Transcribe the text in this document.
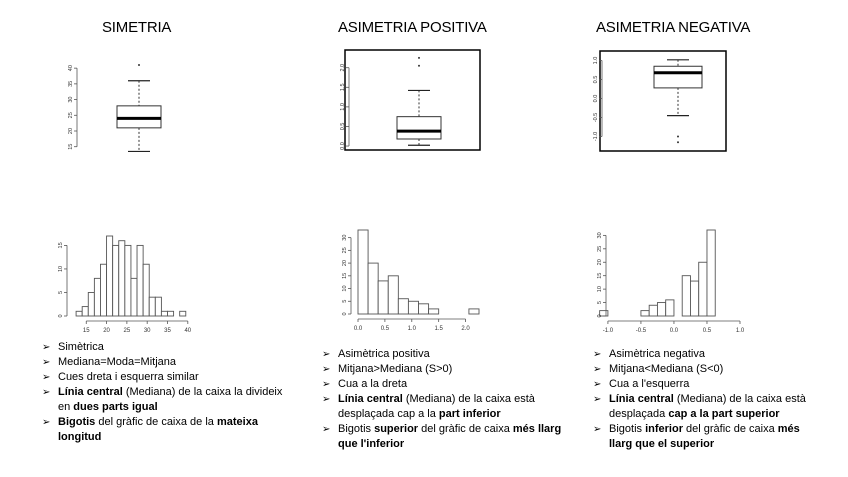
SIMETRIA	ASIMETRIA POSITIVA	ASIMETRIA NEGATIVA
15
20
25
30
35
40
0.0
0.5
1.0
1.5
2.0
1.0
0.5
0.0
-0.5
-1.0
15 20 25 30 35 40
0
5
10
15
0.0	0.5	1.0	1.5	2.0
0
5
10
15
20
25
30
-1.0	-0.5	0.0	0.5	1.0
0
5
10
15
20
25
30
➢ Simètrica
➢ Mediana=Moda=Mitjana
➢ Cues dreta i esquerra similar
➢ Línia central (Mediana) de la caixa la divideix en dues parts igual
➢ Bigotis del gràfic de caixa de la mateixa longitud
➢ Asimètrica positiva
➢ Mitjana>Mediana (S>0)
➢ Cua a la dreta
➢ Línia central (Mediana) de la caixa està desplaçada cap a la part inferior
➢ Bigotis superior del gràfic de caixa més llarg que l'inferior
➢ Asimètrica negativa
➢ Mitjana<Mediana (S<0)
➢ Cua a l'esquerra
➢ Línia central (Mediana) de la caixa està desplaçada cap a la part superior
➢ Bigotis inferior del gràfic de caixa més llarg que el superior
